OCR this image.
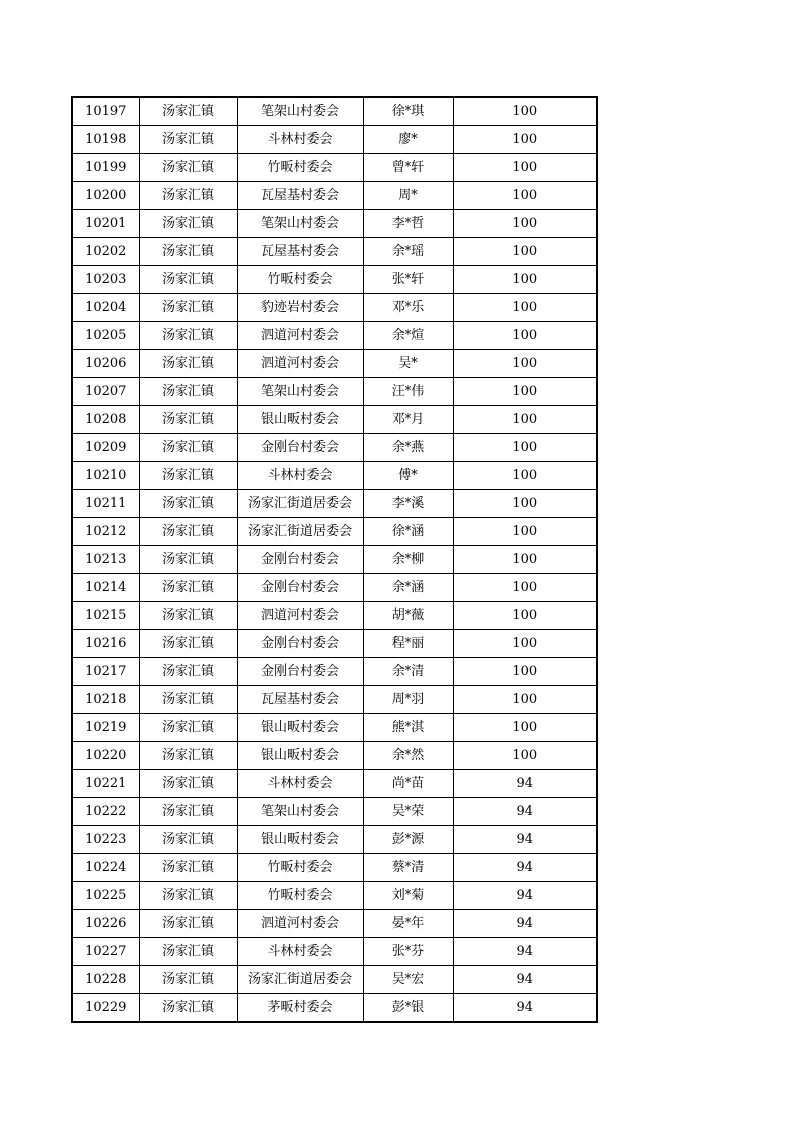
10197	汤家汇镇	笔架山村委会	徐*琪	100
10198	汤家汇镇	斗林村委会	廖*	100
10199	汤家汇镇	竹畈村委会	曾*轩	100
10200	汤家汇镇	瓦屋基村委会	周*	100
10201	汤家汇镇	笔架山村委会	李*哲	100
10202	汤家汇镇	瓦屋基村委会	余*瑶	100
10203	汤家汇镇	竹畈村委会	张*轩	100
10204	汤家汇镇	豹迹岩村委会	邓*乐	100
10205	汤家汇镇	泗道河村委会	余*煊	100
10206	汤家汇镇	泗道河村委会	吴*	100
10207	汤家汇镇	笔架山村委会	汪*伟	100
10208	汤家汇镇	银山畈村委会	邓*月	100
10209	汤家汇镇	金刚台村委会	余*燕	100
10210	汤家汇镇	斗林村委会	傅*	100
10211	汤家汇镇	汤家汇街道居委会	李*溪	100
10212	汤家汇镇	汤家汇街道居委会	徐*涵	100
10213	汤家汇镇	金刚台村委会	余*柳	100
10214	汤家汇镇	金刚台村委会	余*涵	100
10215	汤家汇镇	泗道河村委会	胡*薇	100
10216	汤家汇镇	金刚台村委会	程*丽	100
10217	汤家汇镇	金刚台村委会	余*清	100
10218	汤家汇镇	瓦屋基村委会	周*羽	100
10219	汤家汇镇	银山畈村委会	熊*淇	100
10220	汤家汇镇	银山畈村委会	余*然	100
10221	汤家汇镇	斗林村委会	尚*苗	94
10222	汤家汇镇	笔架山村委会	吴*荣	94
10223	汤家汇镇	银山畈村委会	彭*源	94
10224	汤家汇镇	竹畈村委会	蔡*清	94
10225	汤家汇镇	竹畈村委会	刘*菊	94
10226	汤家汇镇	泗道河村委会	晏*年	94
10227	汤家汇镇	斗林村委会	张*芬	94
10228	汤家汇镇	汤家汇街道居委会	吴*宏	94
10229	汤家汇镇	茅畈村委会	彭*银	94
